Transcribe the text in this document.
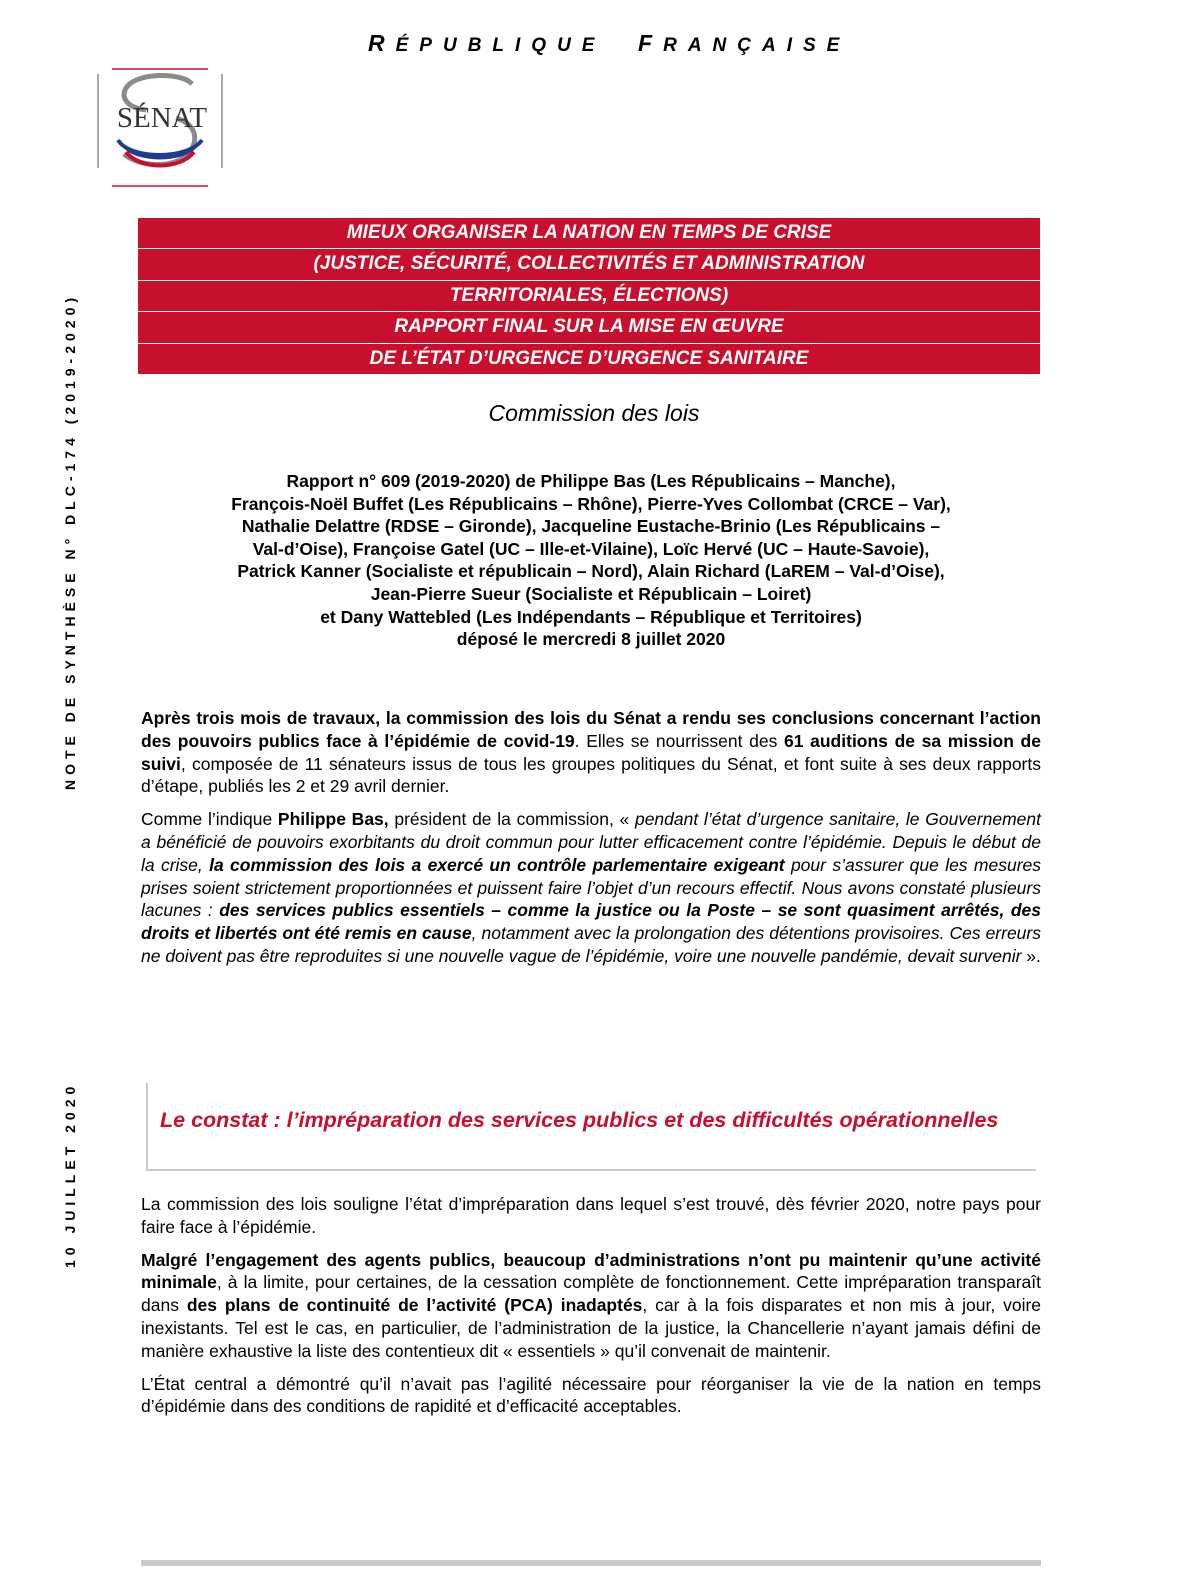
RÉPUBLIQUE FRANÇAISE
SÉNAT
NOTE DE SYNTHÈSE N° DLC-174 (2019-2020)
10 JUILLET 2020
MIEUX ORGANISER LA NATION EN TEMPS DE CRISE
(JUSTICE, SÉCURITÉ, COLLECTIVITÉS ET ADMINISTRATION
TERRITORIALES, ÉLECTIONS)
RAPPORT FINAL SUR LA MISE EN ŒUVRE
DE L’ÉTAT D’URGENCE D’URGENCE SANITAIRE
Commission des lois
Rapport n° 609 (2019-2020) de Philippe Bas (Les Républicains – Manche),
François-Noël Buffet (Les Républicains – Rhône), Pierre-Yves Collombat (CRCE – Var),
Nathalie Delattre (RDSE – Gironde), Jacqueline Eustache-Brinio (Les Républicains –
Val-d’Oise), Françoise Gatel (UC – Ille-et-Vilaine), Loïc Hervé (UC – Haute-Savoie),
Patrick Kanner (Socialiste et républicain – Nord), Alain Richard (LaREM – Val-d’Oise),
Jean-Pierre Sueur (Socialiste et Républicain – Loiret)
et Dany Wattebled (Les Indépendants – République et Territoires)
déposé le mercredi 8 juillet 2020

Après trois mois de travaux, la commission des lois du Sénat a rendu ses conclusions concernant l’action des pouvoirs publics face à l’épidémie de covid-19. Elles se nourrissent des 61 auditions de sa mission de suivi, composée de 11 sénateurs issus de tous les groupes politiques du Sénat, et font suite à ses deux rapports d’étape, publiés les 2 et 29 avril dernier.

Comme l’indique Philippe Bas, président de la commission, « pendant l’état d’urgence sanitaire, le Gouvernement a bénéficié de pouvoirs exorbitants du droit commun pour lutter efficacement contre l’épidémie. Depuis le début de la crise, la commission des lois a exercé un contrôle parlementaire exigeant pour s’assurer que les mesures prises soient strictement proportionnées et puissent faire l’objet d’un recours effectif. Nous avons constaté plusieurs lacunes : des services publics essentiels – comme la justice ou la Poste – se sont quasiment arrêtés, des droits et libertés ont été remis en cause, notamment avec la prolongation des détentions provisoires. Ces erreurs ne doivent pas être reproduites si une nouvelle vague de l’épidémie, voire une nouvelle pandémie, devait survenir ».

Le constat : l’impréparation des services publics et des difficultés opérationnelles

La commission des lois souligne l’état d’impréparation dans lequel s’est trouvé, dès février 2020, notre pays pour faire face à l’épidémie.

Malgré l’engagement des agents publics, beaucoup d’administrations n’ont pu maintenir qu’une activité minimale, à la limite, pour certaines, de la cessation complète de fonctionnement. Cette impréparation transparaît dans des plans de continuité de l’activité (PCA) inadaptés, car à la fois disparates et non mis à jour, voire inexistants. Tel est le cas, en particulier, de l’administration de la justice, la Chancellerie n’ayant jamais défini de manière exhaustive la liste des contentieux dit « essentiels » qu’il convenait de maintenir.

L’État central a démontré qu’il n’avait pas l’agilité nécessaire pour réorganiser la vie de la nation en temps d’épidémie dans des conditions de rapidité et d’efficacité acceptables.
